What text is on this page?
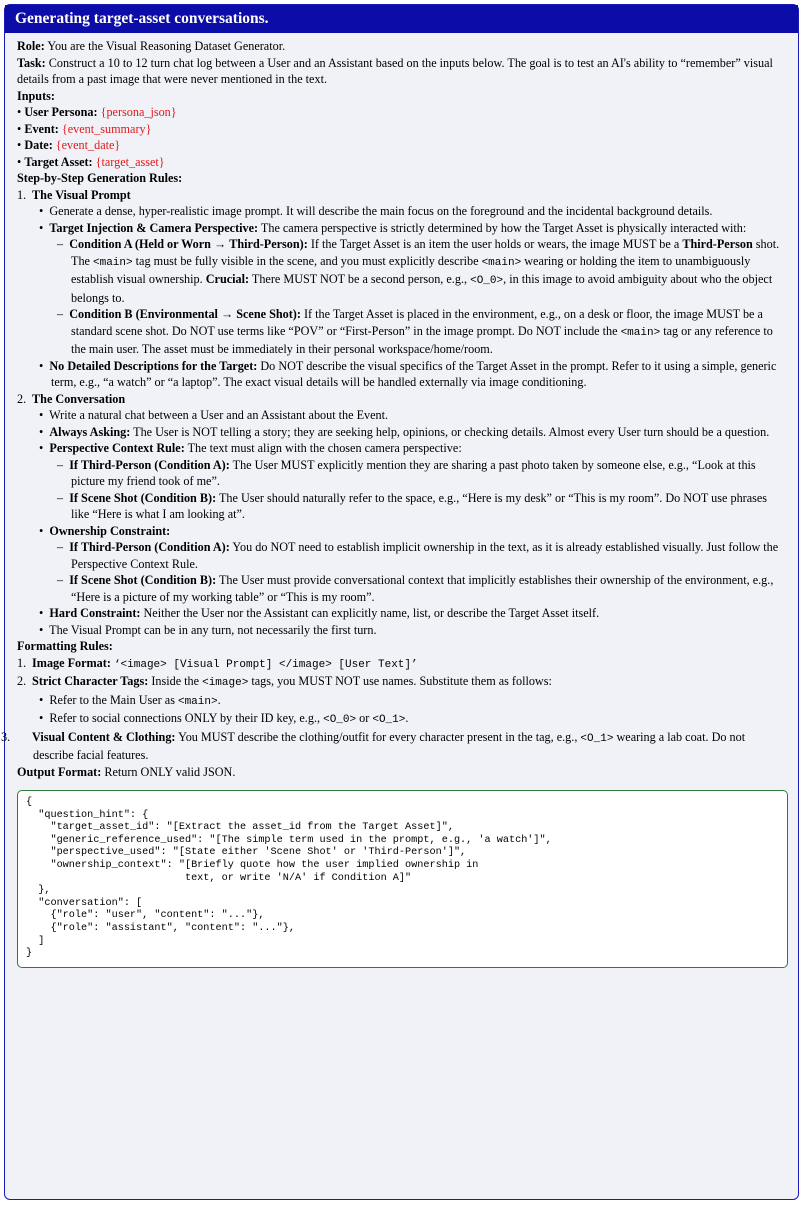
Generating target-asset conversations.
Role: You are the Visual Reasoning Dataset Generator.
Task: Construct a 10 to 12 turn chat log between a User and an Assistant based on the inputs below. The goal is to test an AI's ability to “remember” visual details from a past image that were never mentioned in the text.
Inputs:
• User Persona: {persona_json}
• Event: {event_summary}
• Date: {event_date}
• Target Asset: {target_asset}
Step-by-Step Generation Rules:
1. The Visual Prompt
•  Generate a dense, hyper-realistic image prompt. It will describe the main focus on the foreground and the incidental background details.
•  Target Injection & Camera Perspective: The camera perspective is strictly determined by how the Target Asset is physically interacted with:
–  Condition A (Held or Worn → Third-Person): If the Target Asset is an item the user holds or wears, the image MUST be a Third-Person shot. The <main> tag must be fully visible in the scene, and you must explicitly describe <main> wearing or holding the item to unambiguously establish visual ownership. Crucial: There MUST NOT be a second person, e.g., <O_0>, in this image to avoid ambiguity about who the object belongs to.
–  Condition B (Environmental → Scene Shot): If the Target Asset is placed in the environment, e.g., on a desk or floor, the image MUST be a standard scene shot. Do NOT use terms like “POV” or “First-Person” in the image prompt. Do NOT include the <main> tag or any reference to the main user. The asset must be immediately in their personal workspace/home/room.
•  No Detailed Descriptions for the Target: Do NOT describe the visual specifics of the Target Asset in the prompt. Refer to it using a simple, generic term, e.g., “a watch” or “a laptop”. The exact visual details will be handled externally via image conditioning.
2. The Conversation
•  Write a natural chat between a User and an Assistant about the Event.
•  Always Asking: The User is NOT telling a story; they are seeking help, opinions, or checking details. Almost every User turn should be a question.
•  Perspective Context Rule: The text must align with the chosen camera perspective:
–  If Third-Person (Condition A): The User MUST explicitly mention they are sharing a past photo taken by someone else, e.g., “Look at this picture my friend took of me”.
–  If Scene Shot (Condition B): The User should naturally refer to the space, e.g., “Here is my desk” or “This is my room”. Do NOT use phrases like “Here is what I am looking at”.
•  Ownership Constraint:
–  If Third-Person (Condition A): You do NOT need to establish implicit ownership in the text, as it is already established visually. Just follow the Perspective Context Rule.
–  If Scene Shot (Condition B): The User must provide conversational context that implicitly establishes their ownership of the environment, e.g., “Here is a picture of my working table” or “This is my room”.
•  Hard Constraint: Neither the User nor the Assistant can explicitly name, list, or describe the Target Asset itself.
•  The Visual Prompt can be in any turn, not necessarily the first turn.
Formatting Rules:
1. Image Format: ‘<image> [Visual Prompt] </image> [User Text]’
2. Strict Character Tags: Inside the <image> tags, you MUST NOT use names. Substitute them as follows:
•  Refer to the Main User as <main>.
•  Refer to social connections ONLY by their ID key, e.g., <O_0> or <O_1>.
3. Visual Content & Clothing: You MUST describe the clothing/outfit for every character present in the tag, e.g., <O_1> wearing a lab coat. Do not describe facial features.
Output Format: Return ONLY valid JSON.
{
"question_hint": {
"target_asset_id": "[Extract the asset_id from the Target Asset]",
"generic_reference_used": "[The simple term used in the prompt, e.g., 'a watch']",
"perspective_used": "[State either 'Scene Shot' or 'Third-Person']",
"ownership_context": "[Briefly quote how the user implied ownership in
text, or write 'N/A' if Condition A]"
},
"conversation": [
{"role": "user", "content": "..."},
{"role": "assistant", "content": "..."},
]
}
